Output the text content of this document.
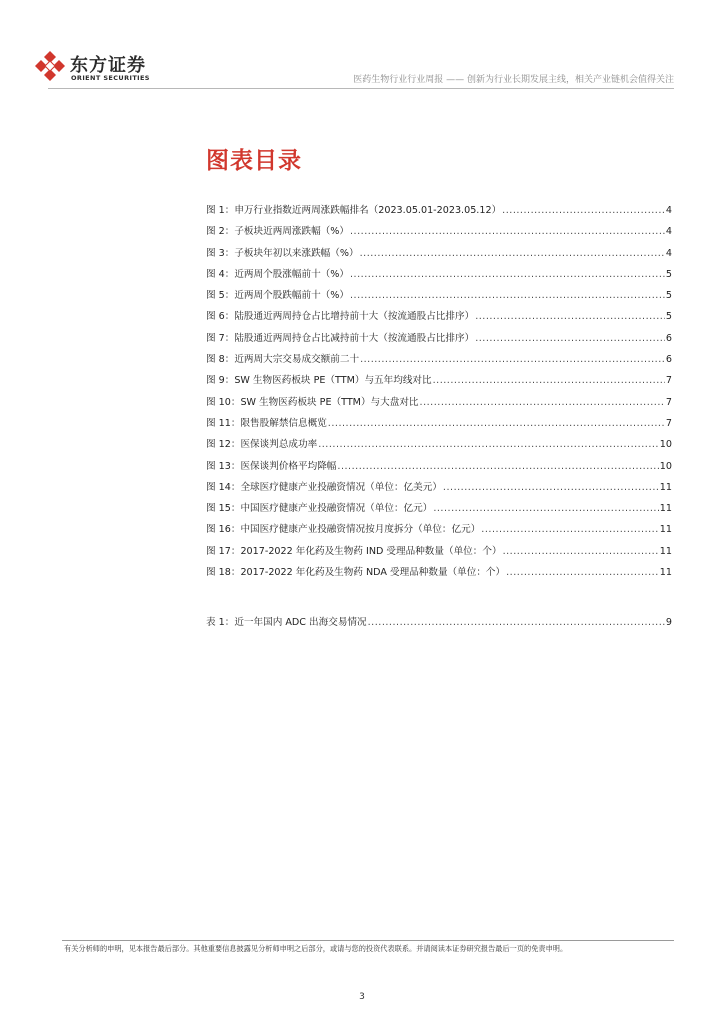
东方证券
ORIENT SECURITIES	医药生物行业行业周报 —— 创新为行业长期发展主线，相关产业链机会值得关注
图表目录
图 1：申万行业指数近两周涨跌幅排名（2023.05.01-2023.05.12） .....	4
图 2：子板块近两周涨跌幅（%） .....	4
图 3：子板块年初以来涨跌幅（%） .....	4
图 4：近两周个股涨幅前十（%） .....	5
图 5：近两周个股跌幅前十（%） .....	5
图 6：陆股通近两周持仓占比增持前十大（按流通股占比排序） .....	5
图 7：陆股通近两周持仓占比减持前十大（按流通股占比排序） .....	6
图 8：近两周大宗交易成交额前二十 .....	6
图 9：SW 生物医药板块 PE（TTM）与五年均线对比 .....	7
图 10：SW 生物医药板块 PE（TTM）与大盘对比 .....	7
图 11：限售股解禁信息概览 .....	7
图 12：医保谈判总成功率 .....	10
图 13：医保谈判价格平均降幅 .....	10
图 14：全球医疗健康产业投融资情况（单位：亿美元） .....	11
图 15：中国医疗健康产业投融资情况（单位：亿元） .....	11
图 16：中国医疗健康产业投融资情况按月度拆分（单位：亿元） .....	11
图 17：2017-2022 年化药及生物药 IND 受理品种数量（单位：个） .....	11
图 18：2017-2022 年化药及生物药 NDA 受理品种数量（单位：个） .....	11
表 1：近一年国内 ADC 出海交易情况 .....	9
有关分析师的申明，见本报告最后部分。其他重要信息披露见分析师申明之后部分，或请与您的投资代表联系。并请阅读本证券研究报告最后一页的免责申明。
3
